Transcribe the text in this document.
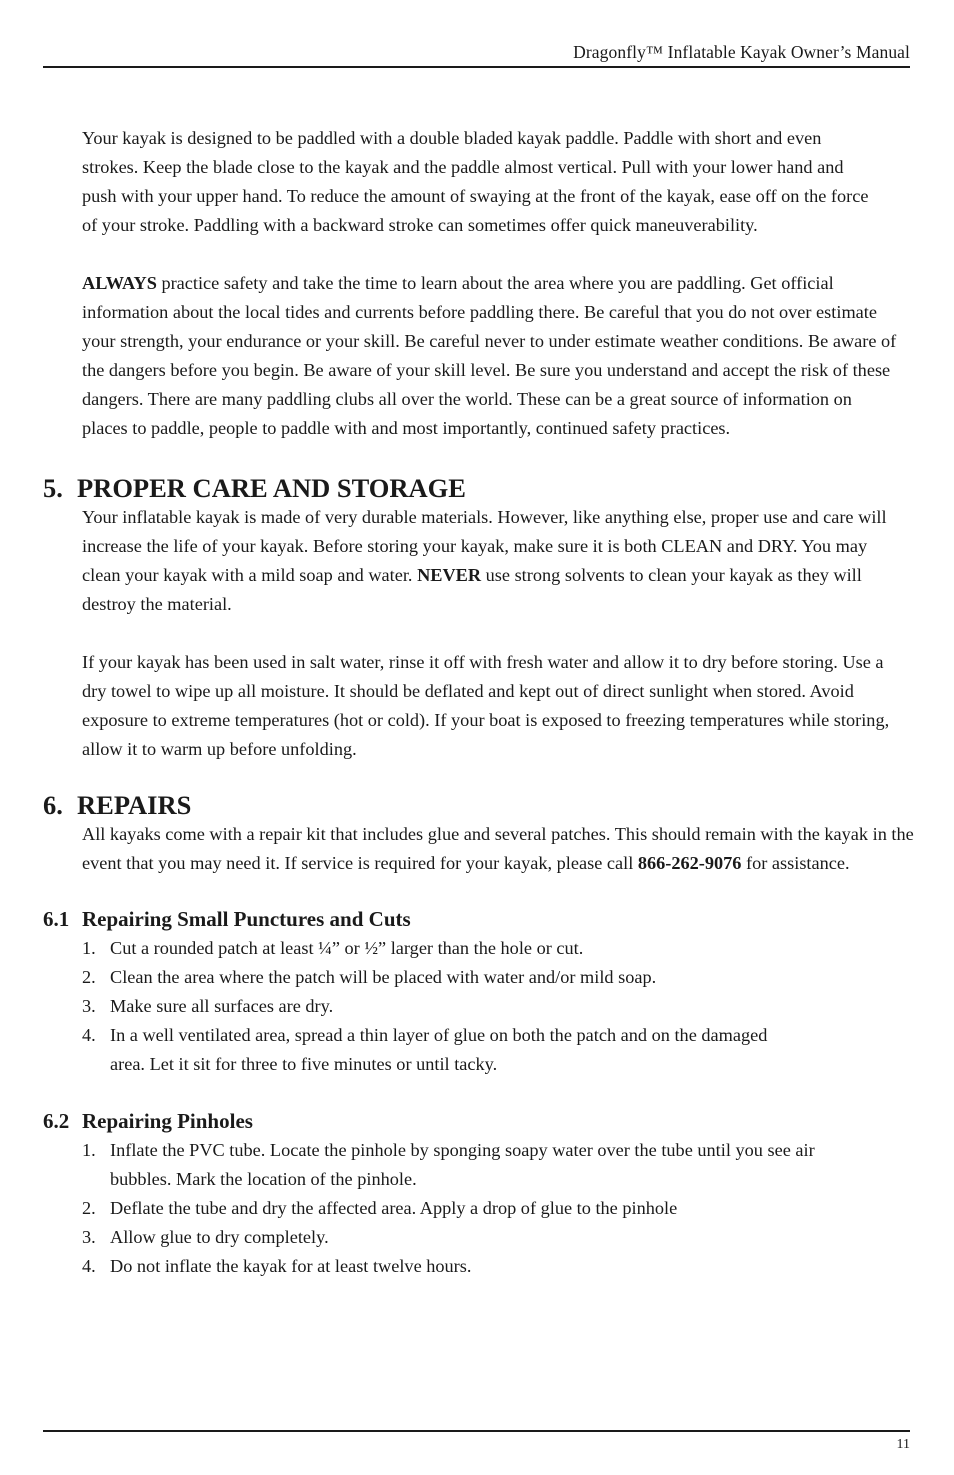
Dragonfly™ Inflatable Kayak Owner’s Manual

Your kayak is designed to be paddled with a double bladed kayak paddle. Paddle with short and even strokes. Keep the blade close to the kayak and the paddle almost vertical. Pull with your lower hand and push with your upper hand. To reduce the amount of swaying at the front of the kayak, ease off on the force of your stroke. Paddling with a backward stroke can sometimes offer quick maneuverability.

ALWAYS practice safety and take the time to learn about the area where you are paddling. Get official information about the local tides and currents before paddling there. Be careful that you do not over estimate your strength, your endurance or your skill. Be careful never to under estimate weather conditions. Be aware of the dangers before you begin. Be aware of your skill level. Be sure you understand and accept the risk of these dangers. There are many paddling clubs all over the world. These can be a great source of information on places to paddle, people to paddle with and most importantly, continued safety practices.

5. PROPER CARE AND STORAGE

Your inflatable kayak is made of very durable materials. However, like anything else, proper use and care will increase the life of your kayak. Before storing your kayak, make sure it is both CLEAN and DRY. You may clean your kayak with a mild soap and water. NEVER use strong solvents to clean your kayak as they will destroy the material.

If your kayak has been used in salt water, rinse it off with fresh water and allow it to dry before storing. Use a dry towel to wipe up all moisture. It should be deflated and kept out of direct sunlight when stored. Avoid exposure to extreme temperatures (hot or cold). If your boat is exposed to freezing temperatures while storing, allow it to warm up before unfolding.

6. REPAIRS

All kayaks come with a repair kit that includes glue and several patches. This should remain with the kayak in the event that you may need it. If service is required for your kayak, please call 866-262-9076 for assistance.

6.1 Repairing Small Punctures and Cuts
1. Cut a rounded patch at least ¼” or ½” larger than the hole or cut.
2. Clean the area where the patch will be placed with water and/or mild soap.
3. Make sure all surfaces are dry.
4. In a well ventilated area, spread a thin layer of glue on both the patch and on the damaged area. Let it sit for three to five minutes or until tacky.
6.2 Repairing Pinholes
1. Inflate the PVC tube. Locate the pinhole by sponging soapy water over the tube until you see air bubbles. Mark the location of the pinhole.
2. Deflate the tube and dry the affected area. Apply a drop of glue to the pinhole
3. Allow glue to dry completely.
4. Do not inflate the kayak for at least twelve hours.
11
